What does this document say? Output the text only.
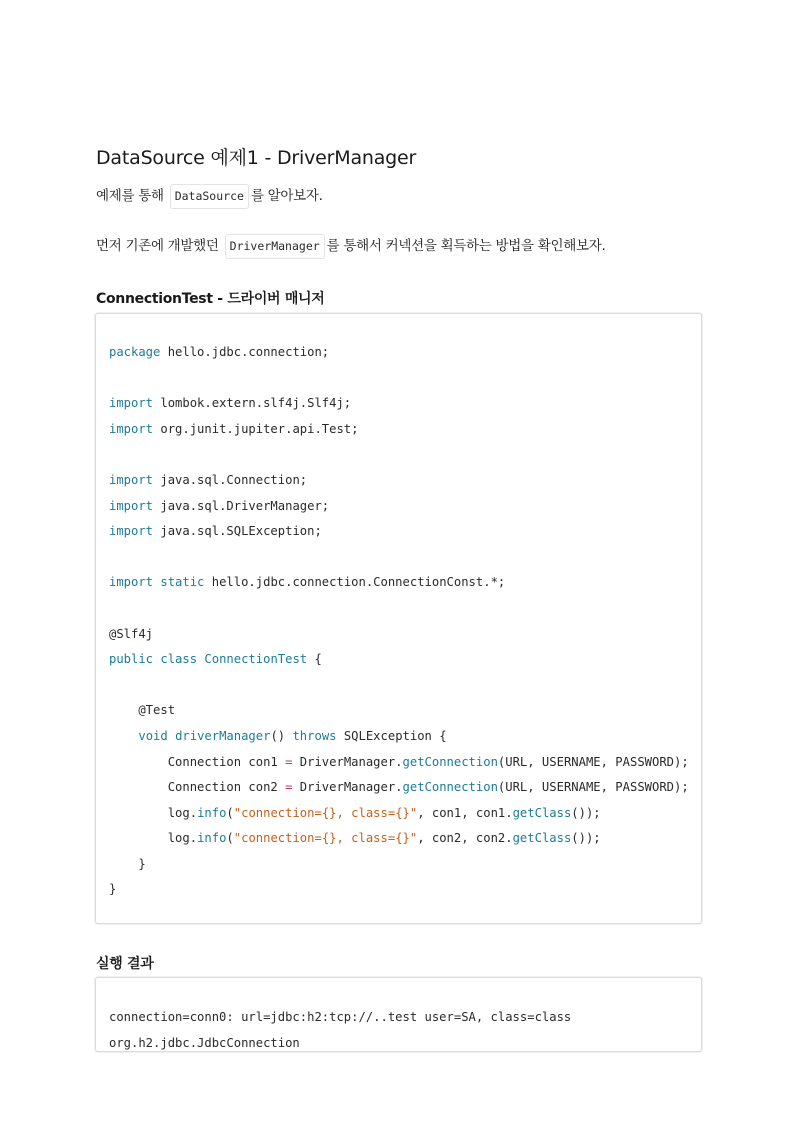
DataSource 예제1 - DriverManager
예제를 통해 DataSource 를 알아보자.
먼저 기존에 개발했던 DriverManager 를 통해서 커넥션을 획득하는 방법을 확인해보자.
ConnectionTest - 드라이버 매니저
package hello.jdbc.connection;

import lombok.extern.slf4j.Slf4j;
import org.junit.jupiter.api.Test;

import java.sql.Connection;
import java.sql.DriverManager;
import java.sql.SQLException;

import static hello.jdbc.connection.ConnectionConst.*;

@Slf4j
public class ConnectionTest {

@Test
void driverManager() throws SQLException {
Connection con1 = DriverManager.getConnection(URL, USERNAME, PASSWORD);
Connection con2 = DriverManager.getConnection(URL, USERNAME, PASSWORD);
log.info("connection={}, class={}", con1, con1.getClass());
log.info("connection={}, class={}", con2, con2.getClass());
}
}
실행 결과
connection=conn0: url=jdbc:h2:tcp://..test user=SA, class=class
org.h2.jdbc.JdbcConnection
